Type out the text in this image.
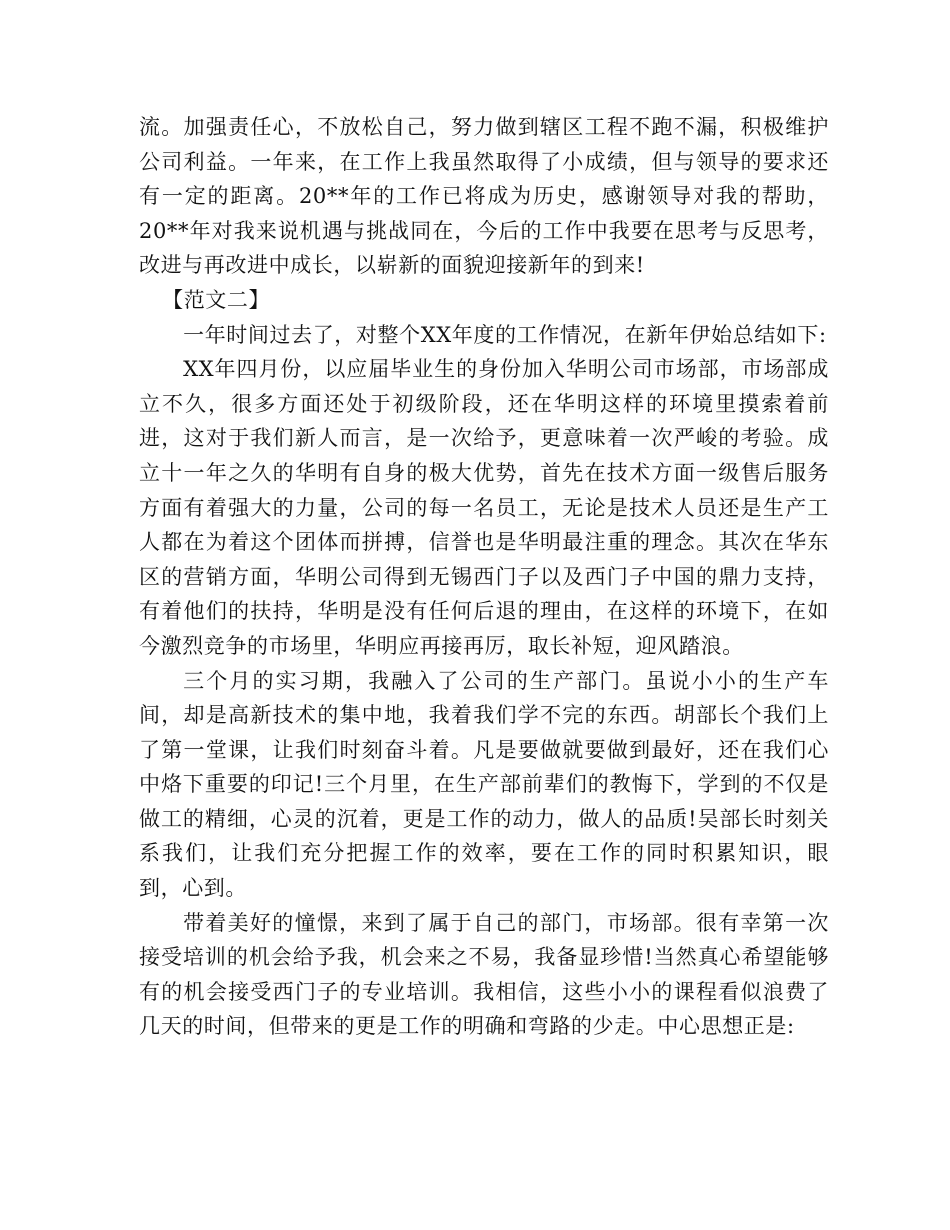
流。加强责任心，不放松自己，努力做到辖区工程不跑不漏，积极维护公司利益。一年来，在工作上我虽然取得了小成绩，但与领导的要求还有一定的距离。20**年的工作已将成为历史，感谢领导对我的帮助，20**年对我来说机遇与挑战同在，今后的工作中我要在思考与反思考，改进与再改进中成长，以崭新的面貌迎接新年的到来!

【范文二】

一年时间过去了，对整个XX年度的工作情况，在新年伊始总结如下:

XX年四月份，以应届毕业生的身份加入华明公司市场部，市场部成立不久，很多方面还处于初级阶段，还在华明这样的环境里摸索着前进，这对于我们新人而言，是一次给予，更意味着一次严峻的考验。成立十一年之久的华明有自身的极大优势，首先在技术方面一级售后服务方面有着强大的力量，公司的每一名员工，无论是技术人员还是生产工人都在为着这个团体而拼搏，信誉也是华明最注重的理念。其次在华东区的营销方面，华明公司得到无锡西门子以及西门子中国的鼎力支持，有着他们的扶持，华明是没有任何后退的理由，在这样的环境下，在如今激烈竞争的市场里，华明应再接再厉，取长补短，迎风踏浪。

三个月的实习期，我融入了公司的生产部门。虽说小小的生产车间，却是高新技术的集中地，我着我们学不完的东西。胡部长个我们上了第一堂课，让我们时刻奋斗着。凡是要做就要做到最好，还在我们心中烙下重要的印记!三个月里，在生产部前辈们的教悔下，学到的不仅是做工的精细，心灵的沉着，更是工作的动力，做人的品质!吴部长时刻关系我们，让我们充分把握工作的效率，要在工作的同时积累知识，眼到，心到。

带着美好的憧憬，来到了属于自己的部门，市场部。很有幸第一次接受培训的机会给予我，机会来之不易，我备显珍惜!当然真心希望能够有的机会接受西门子的专业培训。我相信，这些小小的课程看似浪费了几天的时间，但带来的更是工作的明确和弯路的少走。中心思想正是:
